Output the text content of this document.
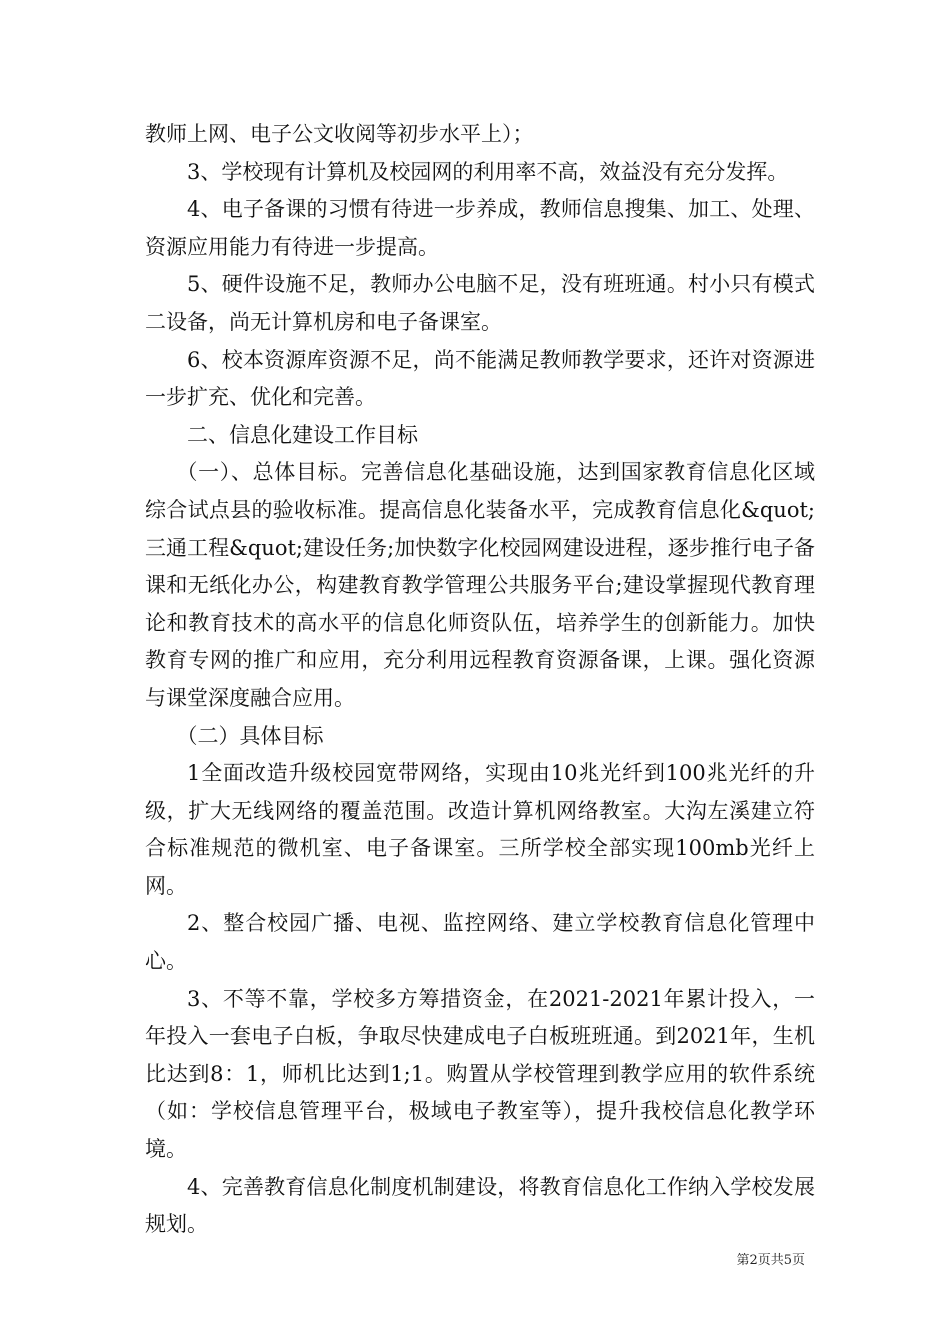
教师上网、电子公文收阅等初步水平上）；

3、学校现有计算机及校园网的利用率不高，效益没有充分发挥。

4、电子备课的习惯有待进一步养成，教师信息搜集、加工、处理、资源应用能力有待进一步提高。

5、硬件设施不足，教师办公电脑不足，没有班班通。村小只有模式二设备，尚无计算机房和电子备课室。

6、校本资源库资源不足，尚不能满足教师教学要求，还许对资源进一步扩充、优化和完善。

二、信息化建设工作目标

（一）、总体目标。完善信息化基础设施，达到国家教育信息化区域综合试点县的验收标准。提高信息化装备水平，完成教育信息化&quot;三通工程&quot;建设任务;加快数字化校园网建设进程，逐步推行电子备课和无纸化办公，构建教育教学管理公共服务平台;建设掌握现代教育理论和教育技术的高水平的信息化师资队伍，培养学生的创新能力。加快教育专网的推广和应用，充分利用远程教育资源备课，上课。强化资源与课堂深度融合应用。

（二）具体目标

1全面改造升级校园宽带网络，实现由10兆光纤到100兆光纤的升级，扩大无线网络的覆盖范围。改造计算机网络教室。大沟左溪建立符合标准规范的微机室、电子备课室。三所学校全部实现100mb光纤上网。

2、整合校园广播、电视、监控网络、建立学校教育信息化管理中心。

3、不等不靠，学校多方筹措资金，在2021-2021年累计投入，一年投入一套电子白板，争取尽快建成电子白板班班通。到2021年，生机比达到8：1，师机比达到1;1。购置从学校管理到教学应用的软件系统（如：学校信息管理平台，极域电子教室等），提升我校信息化教学环境。

4、完善教育信息化制度机制建设，将教育信息化工作纳入学校发展规划。

第2页共5页
